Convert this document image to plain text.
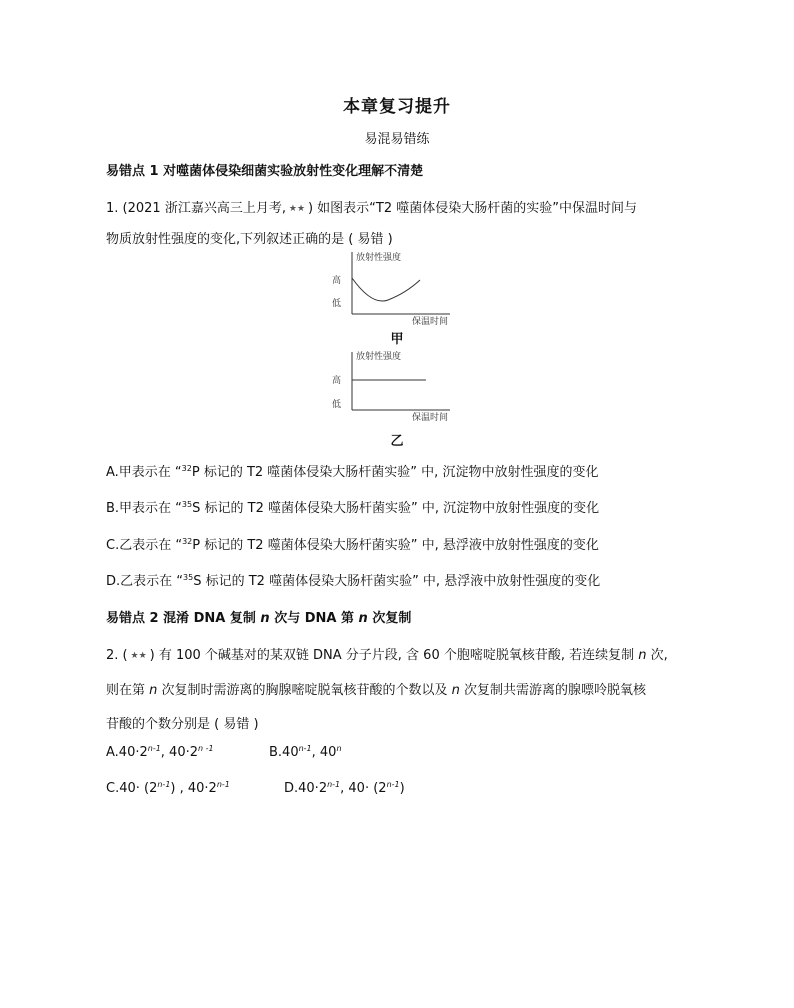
本章复习提升
易混易错练
易错点 1 对噬菌体侵染细菌实验放射性变化理解不清楚
1. (2021 浙江嘉兴高三上月考, ★★ ) 如图表示“T2 噬菌体侵染大肠杆菌的实验”中保温时间与
物质放射性强度的变化,下列叙述正确的是 ( 易错 )
放射性强度
高
低
保温时间
甲
放射性强度
高
低
保温时间
乙
A.甲表示在 “$^{32}$P 标记的 T2 噬菌体侵染大肠杆菌实验” 中, 沉淀物中放射性强度的变化
B.甲表示在 “$^{35}$S 标记的 T2 噬菌体侵染大肠杆菌实验” 中, 沉淀物中放射性强度的变化
C.乙表示在 “$^{32}$P 标记的 T2 噬菌体侵染大肠杆菌实验” 中, 悬浮液中放射性强度的变化
D.乙表示在 “$^{35}$S 标记的 T2 噬菌体侵染大肠杆菌实验” 中, 悬浮液中放射性强度的变化
易错点 2 混淆 DNA 复制 n 次与 DNA 第 n 次复制
2. ( ★★ ) 有 100 个碱基对的某双链 DNA 分子片段, 含 60 个胞嘧啶脱氧核苷酸, 若连续复制 n 次,
则在第 n 次复制时需游离的胸腺嘧啶脱氧核苷酸的个数以及 n 次复制共需游离的腺嘌呤脱氧核
苷酸的个数分别是 ( 易错 )
$A.40\cdot 2^{n-1}$, $40\cdot 2^{n -1}$	B.40$^{n-1}$, 40$^n$
$C.40\cdot (2^{n-1})$ , $40\cdot 2^{n-1}$	$D.40\cdot 2^{n-1}$, $40\cdot (2^{n-1})$
